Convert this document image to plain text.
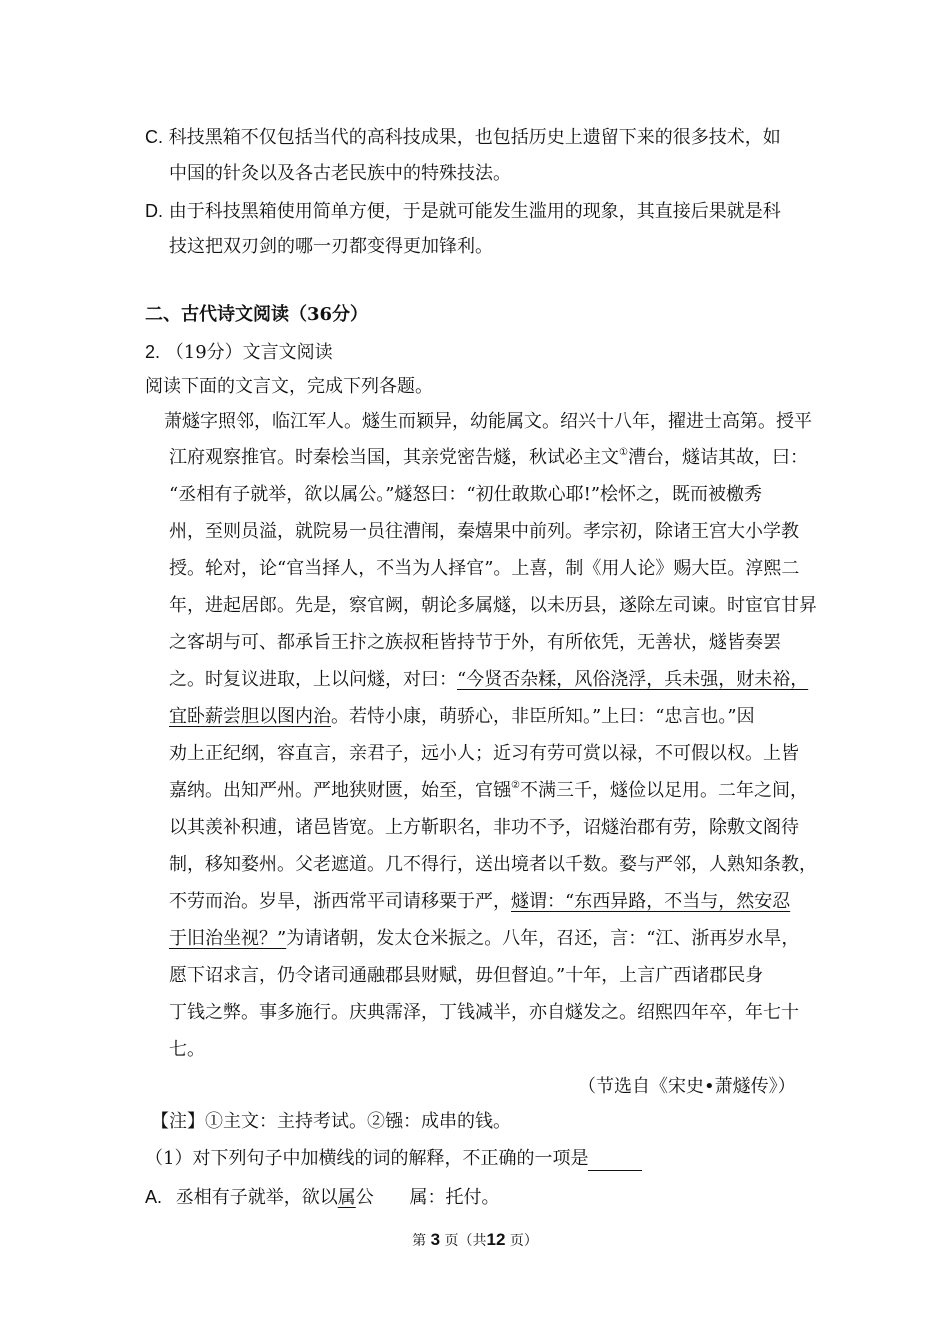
C. 科技黑箱不仅包括当代的高科技成果，也包括历史上遗留下来的很多技术，如
中国的针灸以及各古老民族中的特殊技法。
D. 由于科技黑箱使用简单方便，于是就可能发生滥用的现象，其直接后果就是科
技这把双刃剑的哪一刃都变得更加锋利。
二、古代诗文阅读（36分）
2. （19分）文言文阅读
阅读下面的文言文，完成下列各题。
萧燧字照邻，临江军人。燧生而颖异，幼能属文。绍兴十八年，擢进士高第。授平
江府观察推官。时秦桧当国，其亲党密告燧，秋试必主文①漕台，燧诘其故，曰：
“丞相有子就举，欲以属公。”燧怒曰：“初仕敢欺心耶!”桧怀之，既而被檄秀
州，至则员溢，就院易一员往漕闱，秦熺果中前列。孝宗初，除诸王宫大小学教
授。轮对，论“官当择人，不当为人择官”。上喜，制《用人论》赐大臣。淳熙二
年，进起居郎。先是，察官阙，朝论多属燧，以未历县，遂除左司谏。时宦官甘昇
之客胡与可、都承旨王抃之族叔秬皆持节于外，有所依凭，无善状，燧皆奏罢
之。时复议进取，上以问燧，对曰：“今贤否杂糅，风俗浇浮，兵未强，财未裕，
宜卧薪尝胆以图内治。若恃小康，萌骄心，非臣所知。”上曰：“忠言也。”因
劝上正纪纲，容直言，亲君子，远小人；近习有劳可赏以禄，不可假以权。上皆
嘉纳。出知严州。严地狭财匮，始至，官镪②不满三千，燧俭以足用。二年之间，
以其羡补积逋，诸邑皆宽。上方靳职名，非功不予，诏燧治郡有劳，除敷文阁待
制，移知婺州。父老遮道。几不得行，送出境者以千数。婺与严邻，人熟知条教，
不劳而治。岁旱，浙西常平司请移粟于严，燧谓：“东西异路，不当与，然安忍
于旧治坐视？”为请诸朝，发太仓米振之。八年，召还，言：“江、浙再岁水旱，
愿下诏求言，仍令诸司通融郡县财赋，毋但督迫。”十年，上言广西诸郡民身
丁钱之弊。事多施行。庆典霈泽，丁钱减半，亦自燧发之。绍熙四年卒，年七十
七。
（节选自《宋史•萧燧传》）
【注】①主文：主持考试。②镪：成串的钱。
（1）对下列句子中加横线的词的解释，不正确的一项是
A. 丞相有子就举，欲以属公 属：托付。
第 3 页（共12 页）
